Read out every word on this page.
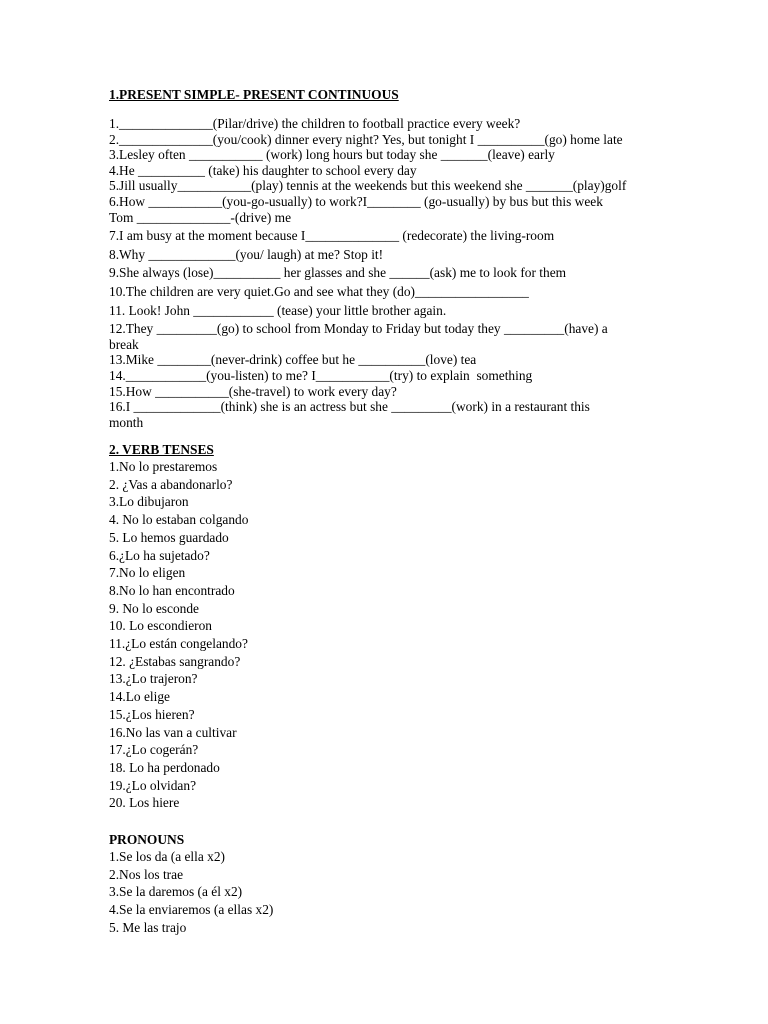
1.PRESENT SIMPLE- PRESENT CONTINUOUS
1.______________(Pilar/drive) the children to football practice every week?
2.______________(you/cook) dinner every night? Yes, but tonight I __________(go) home late
3.Lesley often ___________ (work) long hours but today she _______(leave) early
4.He __________ (take) his daughter to school every day
5.Jill usually___________(play) tennis at the weekends but this weekend she _______(play)golf
6.How ___________(you-go-usually) to work?I________ (go-usually) by bus but this week
Tom ______________-(drive) me
7.I am busy at the moment because I______________ (redecorate) the living-room
8.Why _____________(you/ laugh) at me? Stop it!
9.She always (lose)__________ her glasses and she ______(ask) me to look for them
10.The children are very quiet.Go and see what they (do)_________________
11. Look! John ____________ (tease) your little brother again.
12.They _________(go) to school from Monday to Friday but today they _________(have) a
break
13.Mike ________(never-drink) coffee but he __________(love) tea
14.____________(you-listen) to me? I___________(try) to explain  something
15.How ___________(she-travel) to work every day?
16.I _____________(think) she is an actress but she _________(work) in a restaurant this
month
2. VERB TENSES
1.No lo prestaremos
2. ¿Vas a abandonarlo?
3.Lo dibujaron
4. No lo estaban colgando
5. Lo hemos guardado
6.¿Lo ha sujetado?
7.No lo eligen
8.No lo han encontrado
9. No lo esconde
10. Lo escondieron
11.¿Lo están congelando?
12. ¿Estabas sangrando?
13.¿Lo trajeron?
14.Lo elige
15.¿Los hieren?
16.No las van a cultivar
17.¿Lo cogerán?
18. Lo ha perdonado
19.¿Lo olvidan?
20. Los hiere
PRONOUNS
1.Se los da (a ella x2)
2.Nos los trae
3.Se la daremos (a él x2)
4.Se la enviaremos (a ellas x2)
5. Me las trajo
